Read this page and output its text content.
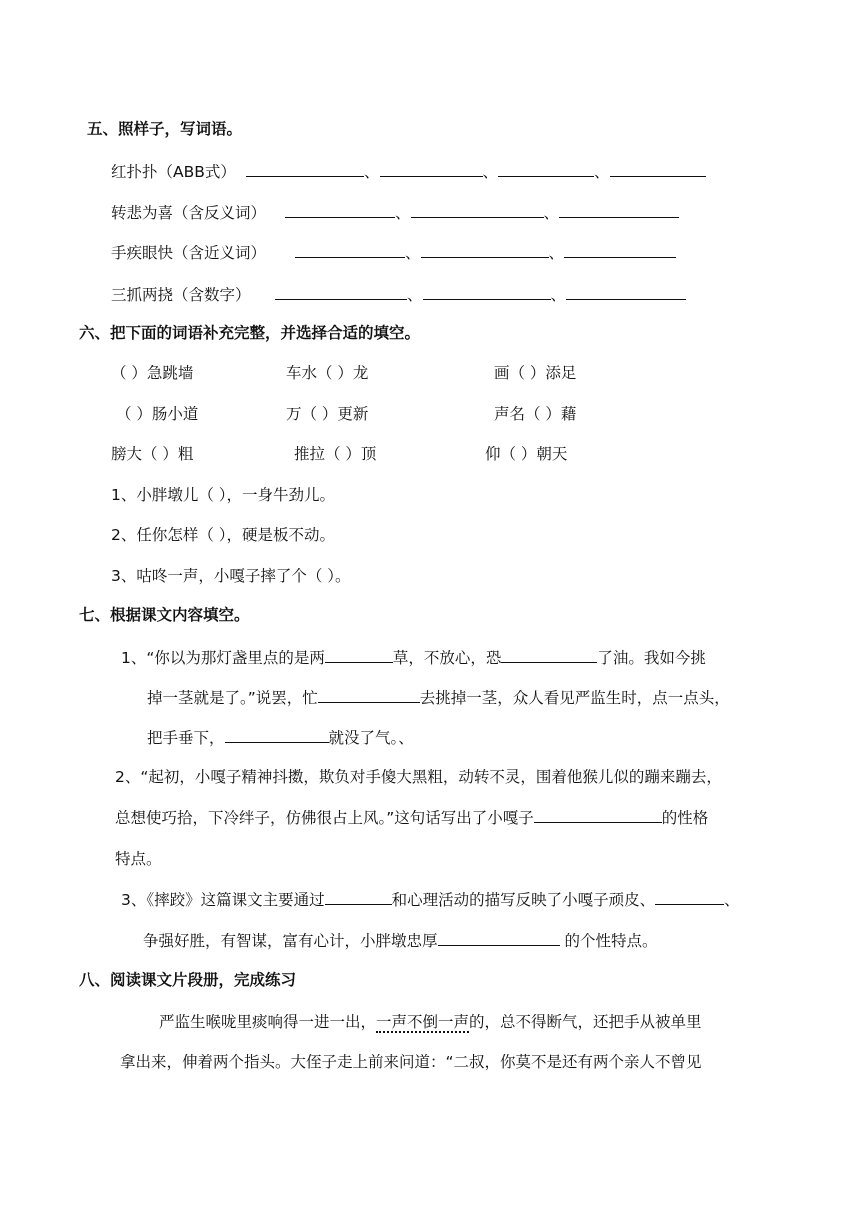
五、照样子，写词语。
红扑扑（ABB式）	、	、	、
转悲为喜（含反义词）	、	、
手疾眼快（含近义词）	、	、
三抓两挠（含数字）	、	、
六、把下面的词语补充完整，并选择合适的填空。
（ ）急跳墙	车水（ ）龙	画（ ）添足
（ ）肠小道	万（ ）更新	声名（ ）藉
膀大（ ）粗	推拉（ ）顶	仰（ ）朝天
1、小胖墩儿（ ），一身牛劲儿。
2、任你怎样（ ），硬是板不动。
3、咕咚一声，小嘎子摔了个（ ）。
七、根据课文内容填空。
1、“你以为那灯盏里点的是两	草，不放心，恐	了油。我如今挑
掉一茎就是了。”说罢，忙	去挑掉一茎，众人看见严监生时，点一点头，
把手垂下，	就没了气。、
2、“起初，小嘎子精神抖擞，欺负对手傻大黑粗，动转不灵，围着他猴儿似的蹦来蹦去，
总想使巧拾，下冷绊子，仿佛很占上风。”这句话写出了小嘎子	的性格
特点。
3、《摔跤》这篇课文主要通过	和心理活动的描写反映了小嘎子顽皮、	、
争强好胜，有智谋，富有心计，小胖墩忠厚	的个性特点。
八、阅读课文片段册，完成练习
严监生喉咙里痰响得一进一出，一声不倒一声的，总不得断气，还把手从被单里
拿出来，伸着两个指头。大侄子走上前来问道：“二叔，你莫不是还有两个亲人不曾见
